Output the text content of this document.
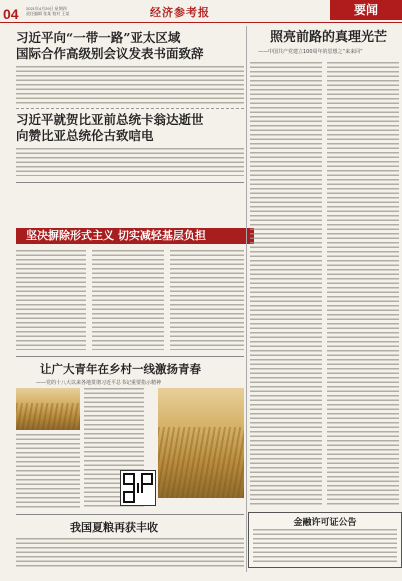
04 2021年4月29日 星期四
责任编辑 张某 校对 王某	经济参考报	要闻
习近平向“一带一路”亚太区域
国际合作高级别会议发表书面致辞
习近平就贺比亚前总统卡翁达逝世
向赞比亚总统伦古致唁电
坚决摒除形式主义 切实减轻基层负担
让广大青年在乡村一线激扬青春
——党的十八大以来各地贯彻习近平总书记重要指示精神
我国夏粮再获丰收
照亮前路的真理光芒
——中国共产党建立100周年的思想之“来来回”
金融许可证公告
